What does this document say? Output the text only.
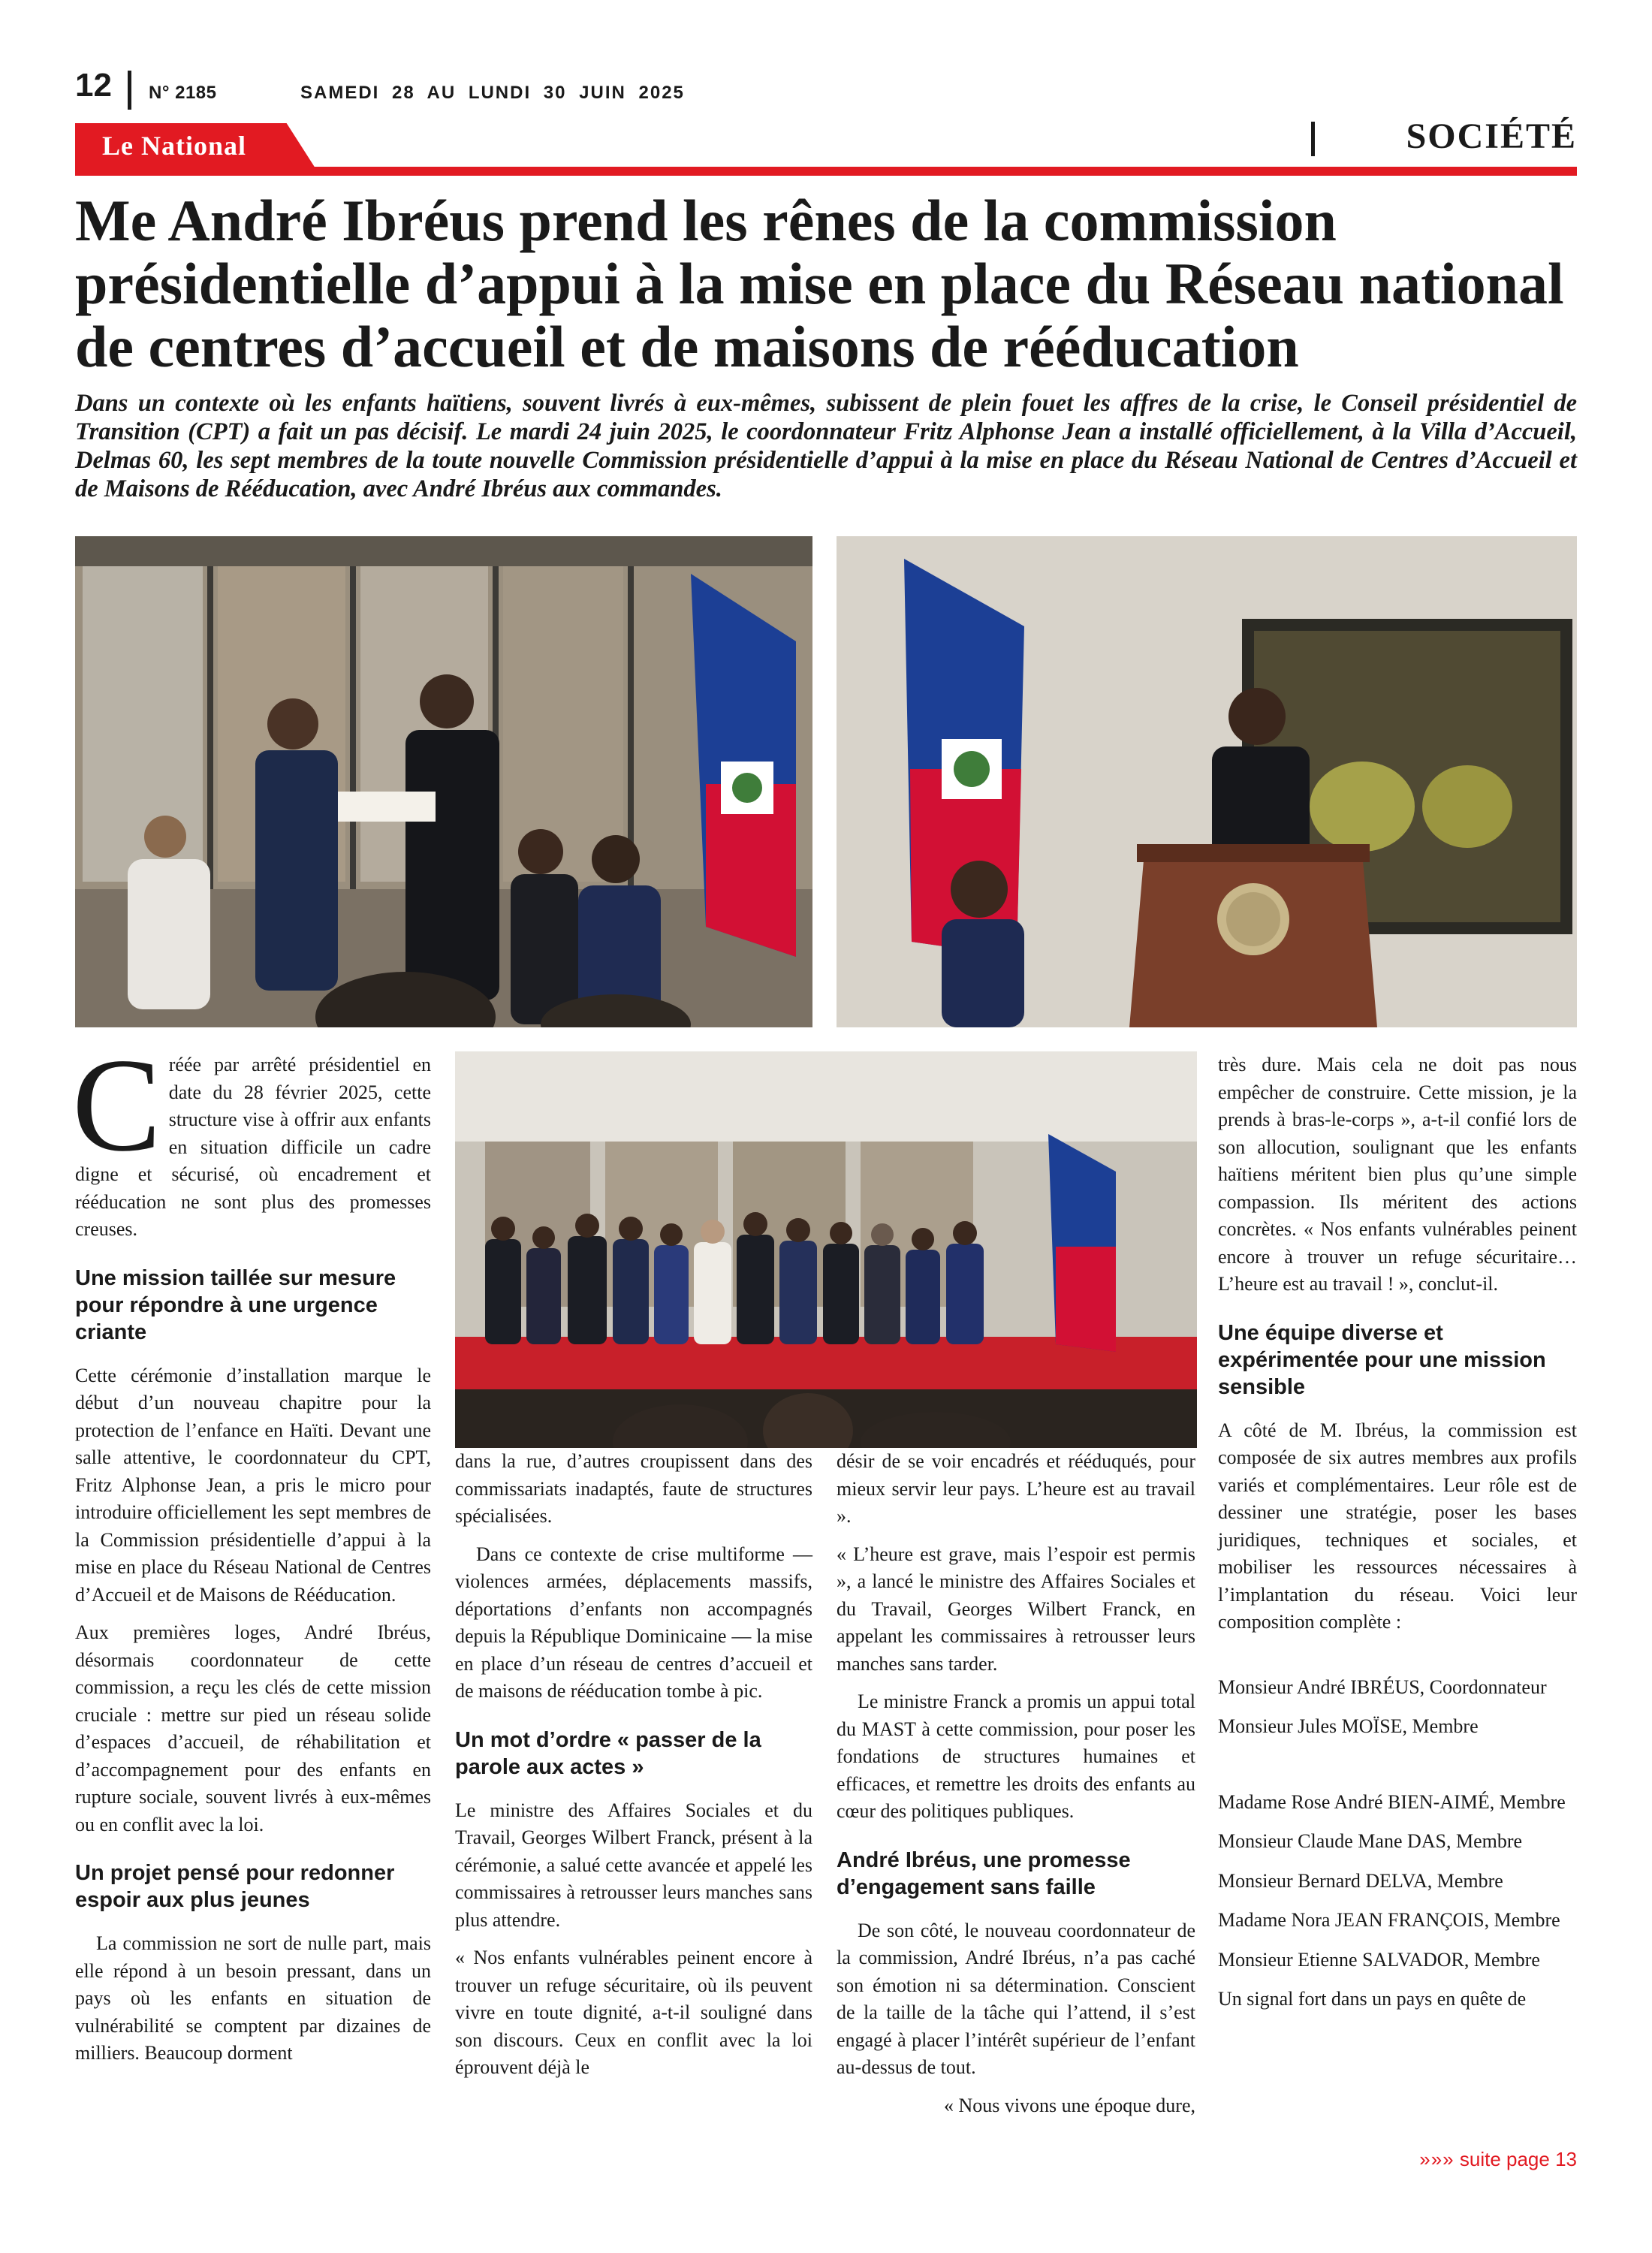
12 N° 2185	SAMEDI 28 AU LUNDI 30 JUIN 2025
Le National	SOCIÉTÉ
Me André Ibréus prend les rênes de la commission présidentielle d’appui à la mise en place du Réseau national de centres d’accueil et de maisons de rééducation

Dans un contexte où les enfants haïtiens, souvent livrés à eux-mêmes, subissent de plein fouet les affres de la crise, le Conseil présidentiel de Transition (CPT) a fait un pas décisif. Le mardi 24 juin 2025, le coordonnateur Fritz Alphonse Jean a installé officiellement, à la Villa d’Accueil, Delmas 60, les sept membres de la toute nouvelle Commission présidentielle d’appui à la mise en place du Réseau National de Centres d’Accueil et de Maisons de Rééducation, avec André Ibréus aux commandes.

Créée par arrêté présidentiel en date du 28 février 2025, cette structure vise à offrir aux enfants en situation difficile un cadre digne et sécurisé, où encadrement et rééducation ne sont plus des promesses creuses.

Une mission taillée sur mesure pour répondre à une urgence criante

Cette cérémonie d’installation marque le début d’un nouveau chapitre pour la protection de l’enfance en Haïti. Devant une salle attentive, le coordonnateur du CPT, Fritz Alphonse Jean, a pris le micro pour introduire officiellement les sept membres de la Commission présidentielle d’appui à la mise en place du Réseau National de Centres d’Accueil et de Maisons de Rééducation.

Aux premières loges, André Ibréus, désormais coordonnateur de cette commission, a reçu les clés de cette mission cruciale : mettre sur pied un réseau solide d’espaces d’accueil, de réhabilitation et d’accompagnement pour des enfants en rupture sociale, souvent livrés à eux-mêmes ou en conflit avec la loi.

Un projet pensé pour redonner espoir aux plus jeunes

La commission ne sort de nulle part, mais elle répond à un besoin pressant, dans un pays où les enfants en situation de vulnérabilité se comptent par dizaines de milliers. Beaucoup dorment

dans la rue, d’autres croupissent dans des commissariats inadaptés, faute de structures spécialisées.

Dans ce contexte de crise multiforme — violences armées, déplacements massifs, déportations d’enfants non accompagnés depuis la République Dominicaine — la mise en place d’un réseau de centres d’accueil et de maisons de rééducation tombe à pic.

Un mot d’ordre « passer de la parole aux actes »

Le ministre des Affaires Sociales et du Travail, Georges Wilbert Franck, présent à la cérémonie, a salué cette avancée et appelé les commissaires à retrousser leurs manches sans plus attendre.

« Nos enfants vulnérables peinent encore à trouver un refuge sécuritaire, où ils peuvent vivre en toute dignité, a-t-il souligné dans son discours. Ceux en conflit avec la loi éprouvent déjà le

désir de se voir encadrés et rééduqués, pour mieux servir leur pays. L’heure est au travail ».

« L’heure est grave, mais l’espoir est permis », a lancé le ministre des Affaires Sociales et du Travail, Georges Wilbert Franck, en appelant les commissaires à retrousser leurs manches sans tarder.

Le ministre Franck a promis un appui total du MAST à cette commission, pour poser les fondations de structures humaines et efficaces, et remettre les droits des enfants au cœur des politiques publiques.

André Ibréus, une promesse d’engagement sans faille

De son côté, le nouveau coordonnateur de la commission, André Ibréus, n’a pas caché son émotion ni sa détermination. Conscient de la taille de la tâche qui l’attend, il s’est engagé à placer l’intérêt supérieur de l’enfant au-dessus de tout.

« Nous vivons une époque dure,

très dure. Mais cela ne doit pas nous empêcher de construire. Cette mission, je la prends à bras-le-corps », a-t-il confié lors de son allocution, soulignant que les enfants haïtiens méritent bien plus qu’une simple compassion. Ils méritent des actions concrètes. « Nos enfants vulnérables peinent encore à trouver un refuge sécuritaire… L’heure est au travail ! », conclut-il.

Une équipe diverse et expérimentée pour une mission sensible

A côté de M. Ibréus, la commission est composée de six autres membres aux profils variés et complémentaires. Leur rôle est de dessiner une stratégie, poser les bases juridiques, techniques et sociales, et mobiliser les ressources nécessaires à l’implantation du réseau. Voici leur composition complète :

Monsieur André IBRÉUS, Coordonnateur

Monsieur Jules MOÏSE, Membre

Madame Rose André BIEN-AIMÉ, Membre

Monsieur Claude Mane DAS, Membre

Monsieur Bernard DELVA, Membre

Madame Nora JEAN FRANÇOIS, Membre

Monsieur Etienne SALVADOR, Membre

Un signal fort dans un pays en quête de

»»» suite page 13
